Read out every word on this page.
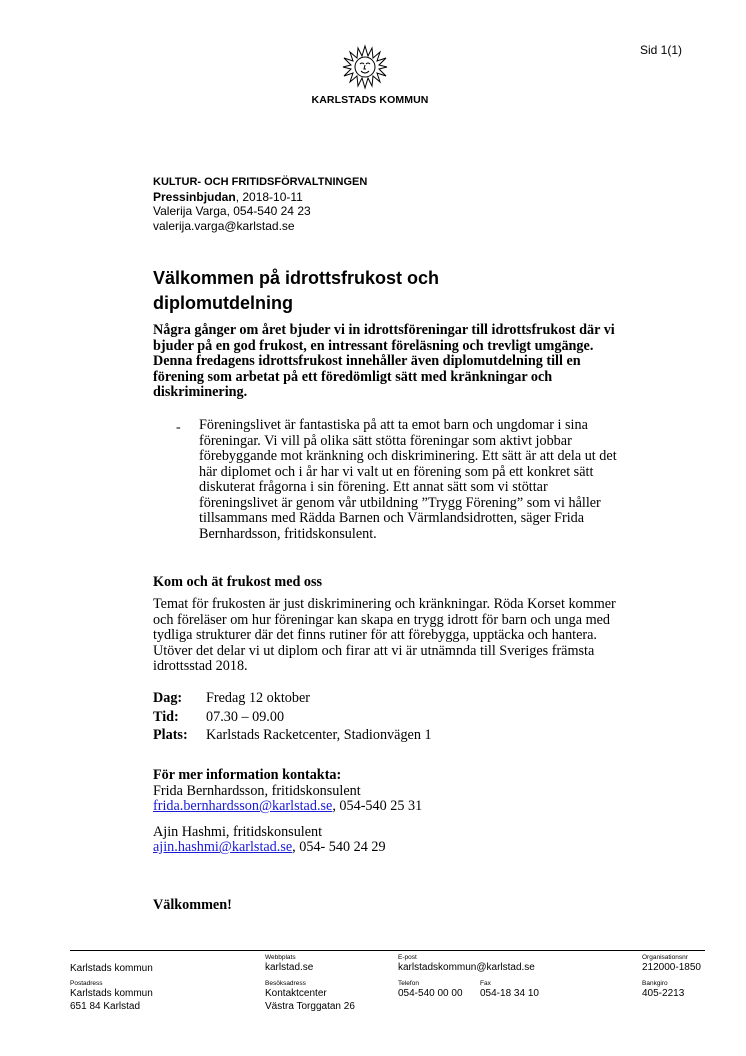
Sid 1(1)
KARLSTADS KOMMUN
KULTUR- OCH FRITIDSFÖRVALTNINGEN
Pressinbjudan, 2018-10-11
Valerija Varga, 054-540 24 23
valerija.varga@karlstad.se
Välkommen på idrottsfrukost och
diplomutdelning
Några gånger om året bjuder vi in idrottsföreningar till idrottsfrukost där vi bjuder på en god frukost, en intressant föreläsning och trevligt umgänge. Denna fredagens idrottsfrukost innehåller även diplomutdelning till en förening som arbetat på ett föredömligt sätt med kränkningar och diskriminering.
- Föreningslivet är fantastiska på att ta emot barn och ungdomar i sina föreningar. Vi vill på olika sätt stötta föreningar som aktivt jobbar förebyggande mot kränkning och diskriminering. Ett sätt är att dela ut det här diplomet och i år har vi valt ut en förening som på ett konkret sätt diskuterat frågorna i sin förening. Ett annat sätt som vi stöttar föreningslivet är genom vår utbildning ”Trygg Förening” som vi håller tillsammans med Rädda Barnen och Värmlandsidrotten, säger Frida Bernhardsson, fritidskonsulent.
Kom och ät frukost med oss
Temat för frukosten är just diskriminering och kränkningar. Röda Korset kommer och föreläser om hur föreningar kan skapa en trygg idrott för barn och unga med tydliga strukturer där det finns rutiner för att förebygga, upptäcka och hantera. Utöver det delar vi ut diplom och firar att vi är utnämnda till Sveriges främsta idrottsstad 2018.
Dag: Fredag 12 oktober
Tid: 07.30 – 09.00
Plats: Karlstads Racketcenter, Stadionvägen 1
För mer information kontakta:
Frida Bernhardsson, fritidskonsulent
frida.bernhardsson@karlstad.se, 054-540 25 31
Ajin Hashmi, fritidskonsulent
ajin.hashmi@karlstad.se, 054- 540 24 29
Välkommen!
Karlstads kommun
Webbplats
karlstad.se
E-post
karlstadskommun@karlstad.se
Organisationsnr
212000-1850
Postadress
Karlstads kommun
651 84 Karlstad
Besöksadress
Kontaktcenter
Västra Torggatan 26
Telefon
054-540 00 00
Fax
054-18 34 10
Bankgiro
405-2213
